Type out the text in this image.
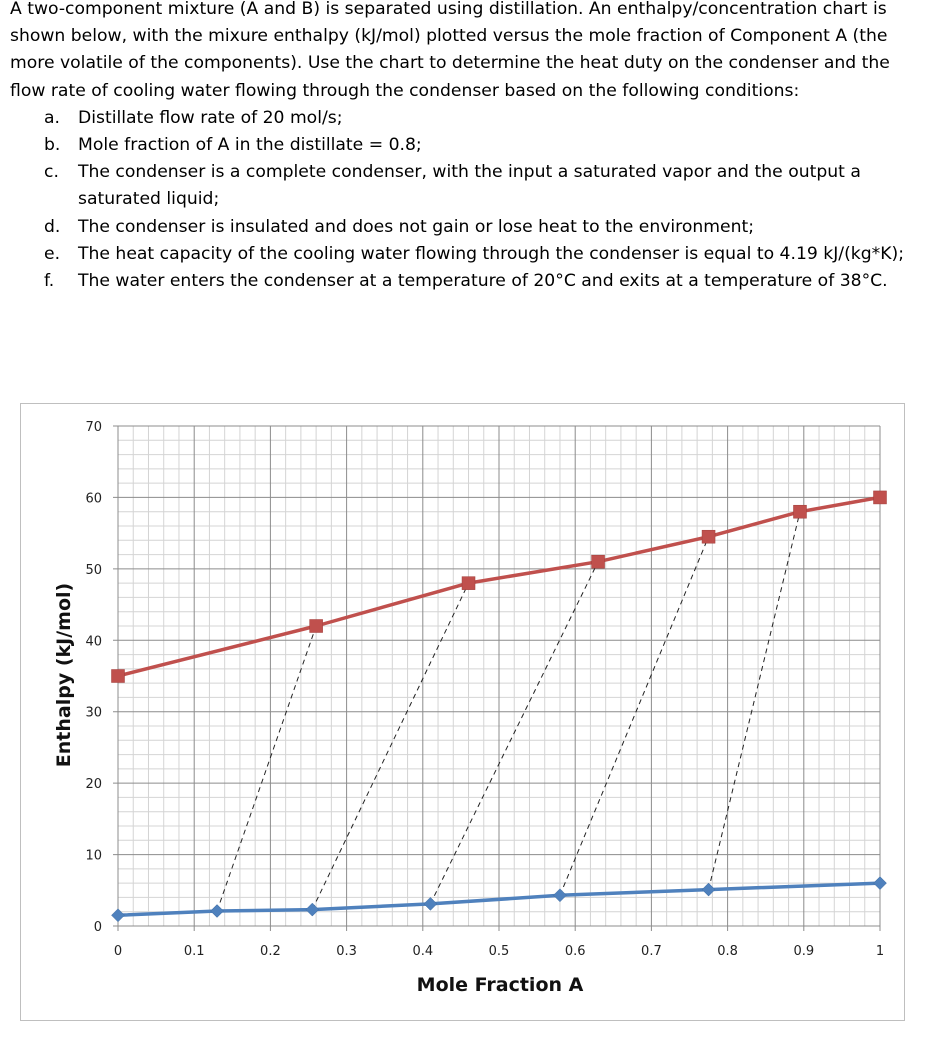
A two-component mixture (A and B) is separated using distillation. An enthalpy/concentration chart is shown below, with the mixure enthalpy (kJ/mol) plotted versus the mole fraction of Component A (the more volatile of the components). Use the chart to determine the heat duty on the condenser and the flow rate of cooling water flowing through the condenser based on the following conditions:

a. Distillate flow rate of 20 mol/s;
b. Mole fraction of A in the distillate = 0.8;
c. The condenser is a complete condenser, with the input a saturated vapor and the output a saturated liquid;
d. The condenser is insulated and does not gain or lose heat to the environment;
e. The heat capacity of the cooling water flowing through the condenser is equal to 4.19 kJ/(kg*K);
f. The water enters the condenser at a temperature of 20°C and exits at a temperature of 38°C.
0	0.1	0.2	0.3	0.4	0.5	0.6	0.7	0.8	0.9	1
0
10
20
30
40
50
60
70
Mole Fraction A
Enthalpy (kJ/mol)
